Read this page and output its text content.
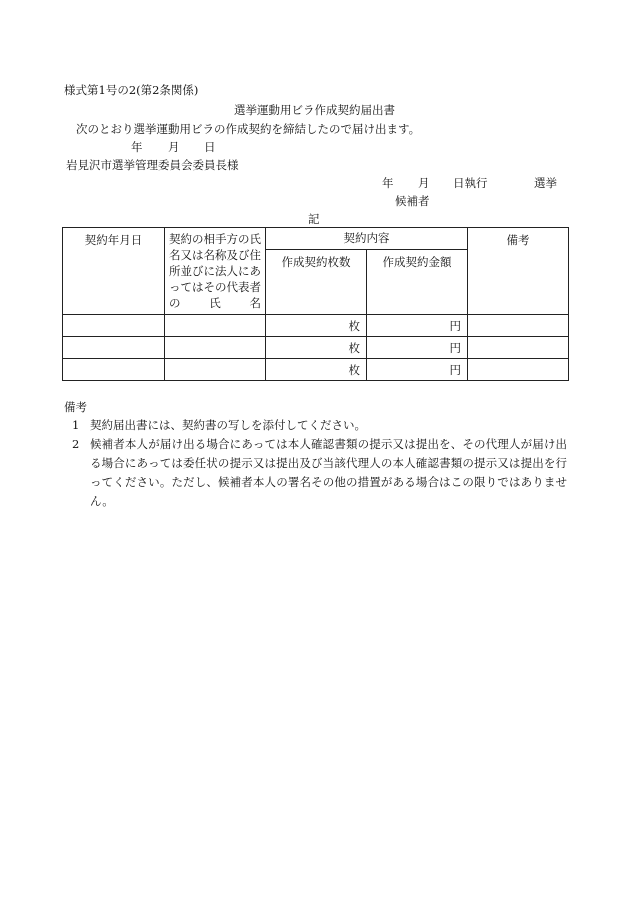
様式第1号の2(第2条関係)
選挙運動用ビラ作成契約届出書
次のとおり選挙運動用ビラの作成契約を締結したので届け出ます。
年 月 日
岩見沢市選挙管理委員会委員長様
年 月 日執行	選挙
候補者
記
契約年月日	契約の相手方の氏名又は名称及び住所並びに法人にあってはその代表者の氏名	契約内容		備考
		作成契約枚数	作成契約金額	
		枚	円	
		枚	円	
		枚	円	
備考
1 契約届出書には、契約書の写しを添付してください。
2 候補者本人が届け出る場合にあっては本人確認書類の提示又は提出を、その代理人が届け出る場合にあっては委任状の提示又は提出及び当該代理人の本人確認書類の提示又は提出を行ってください。ただし、候補者本人の署名その他の措置がある場合はこの限りではありません。
